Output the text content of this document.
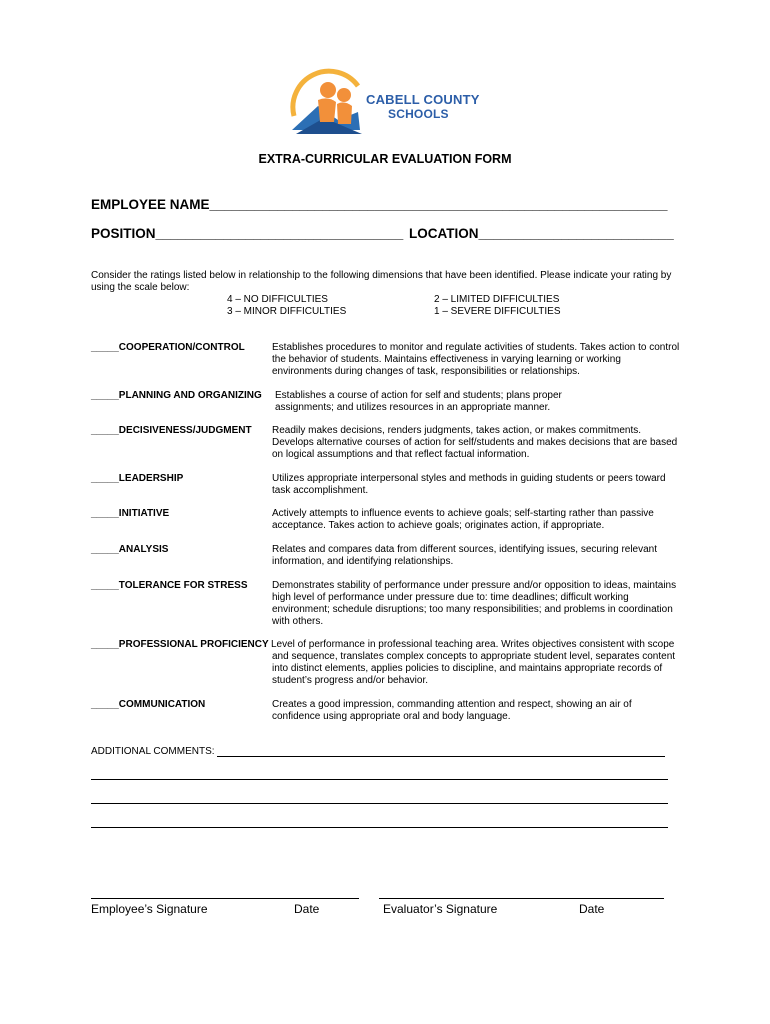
CABELL COUNTY
SCHOOLS
EXTRA-CURRICULAR EVALUATION FORM
EMPLOYEE NAME_____________________________________________________________
POSITION_________________________________ LOCATION__________________________
Consider the ratings listed below in relationship to the following dimensions that have been identified. Please indicate your rating by using the scale below:
4 – NO DIFFICULTIES
3 – MINOR DIFFICULTIES
2 – LIMITED DIFFICULTIES
1 – SEVERE DIFFICULTIES
_____COOPERATION/CONTROL	Establishes procedures to monitor and regulate activities of students. Takes action to control the behavior of students. Maintains effectiveness in varying learning or working environments during changes of task, responsibilities or relationships.
_____PLANNING AND ORGANIZING Establishes a course of action for self and students; plans proper assignments; and utilizes resources in an appropriate manner.
_____DECISIVENESS/JUDGMENT Readily makes decisions, renders judgments, takes action, or makes commitments. Develops alternative courses of action for self/students and makes decisions that are based on logical assumptions and that reflect factual information.
_____LEADERSHIP	Utilizes appropriate interpersonal styles and methods in guiding students or peers toward task accomplishment.
_____INITIATIVE	Actively attempts to influence events to achieve goals; self-starting rather than passive acceptance. Takes action to achieve goals; originates action, if appropriate.
_____ANALYSIS	Relates and compares data from different sources, identifying issues, securing relevant information, and identifying relationships.
_____TOLERANCE FOR STRESS Demonstrates stability of performance under pressure and/or opposition to ideas, maintains high level of performance under pressure due to: time deadlines; difficult working environment; schedule disruptions; too many responsibilities; and problems in coordination with others.
_____PROFESSIONAL PROFICIENCY Level of performance in professional teaching area. Writes objectives consistent with scope and sequence, translates complex concepts to appropriate student level, separates content into distinct elements, applies policies to discipline, and maintains appropriate records of student’s progress and/or behavior.
_____COMMUNICATION	Creates a good impression, commanding attention and respect, showing an air of confidence using appropriate oral and body language.
ADDITIONAL COMMENTS:
Employee’s Signature	Date	Evaluator’s Signature	Date
